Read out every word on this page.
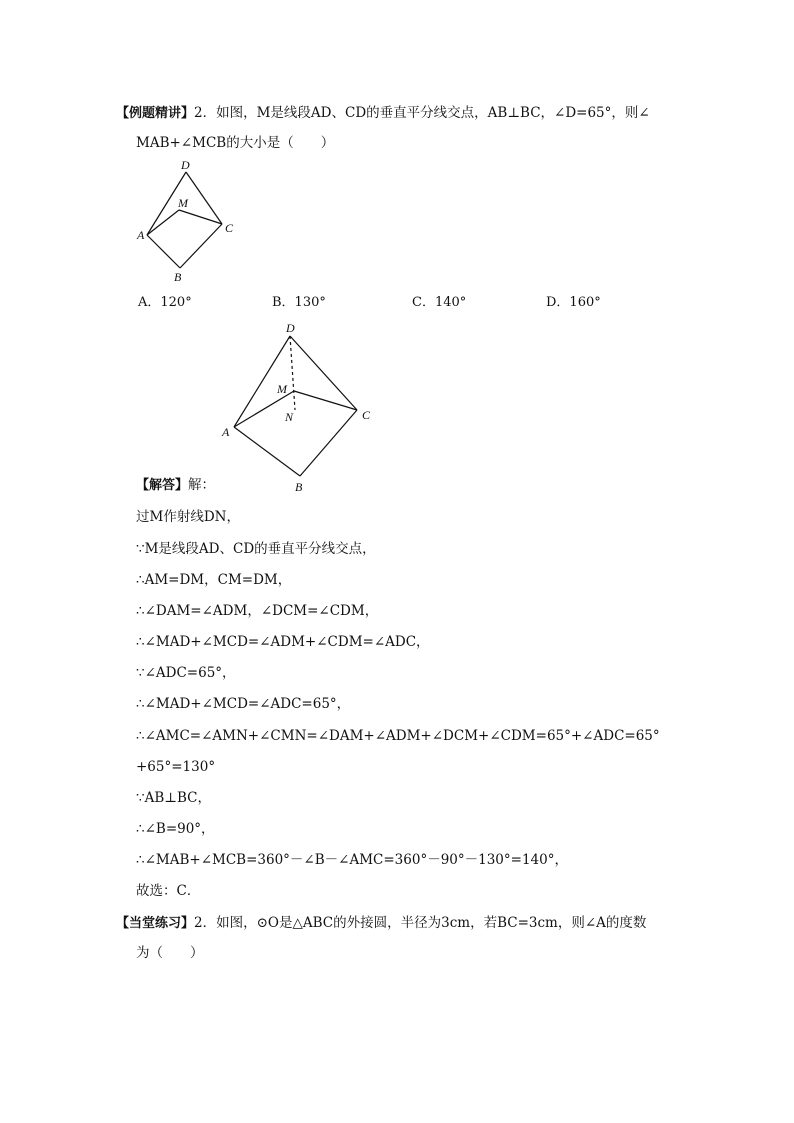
【例题精讲】2．如图，M是线段AD、CD的垂直平分线交点，AB⊥BC，∠D=65°，则∠
MAB+∠MCB的大小是（　　）
D
M
A	C
B
A．120°	B．130°	C．140°	D．160°
D
M
N
A
C
B
【解答】解：
过M作射线DN，
∵M是线段AD、CD的垂直平分线交点，
∴AM=DM，CM=DM，
∴∠DAM=∠ADM，∠DCM=∠CDM，
∴∠MAD+∠MCD=∠ADM+∠CDM=∠ADC，
∵∠ADC=65°，
∴∠MAD+∠MCD=∠ADC=65°，
∴∠AMC=∠AMN+∠CMN=∠DAM+∠ADM+∠DCM+∠CDM=65°+∠ADC=65°
+65°=130°
∵AB⊥BC，
∴∠B=90°，
∴∠MAB+∠MCB=360°－∠B－∠AMC=360°－90°－130°=140°，
故选：C．
【当堂练习】2．如图，⊙O是△ABC的外接圆，半径为3cm，若BC=3cm，则∠A的度数
为（　　）
